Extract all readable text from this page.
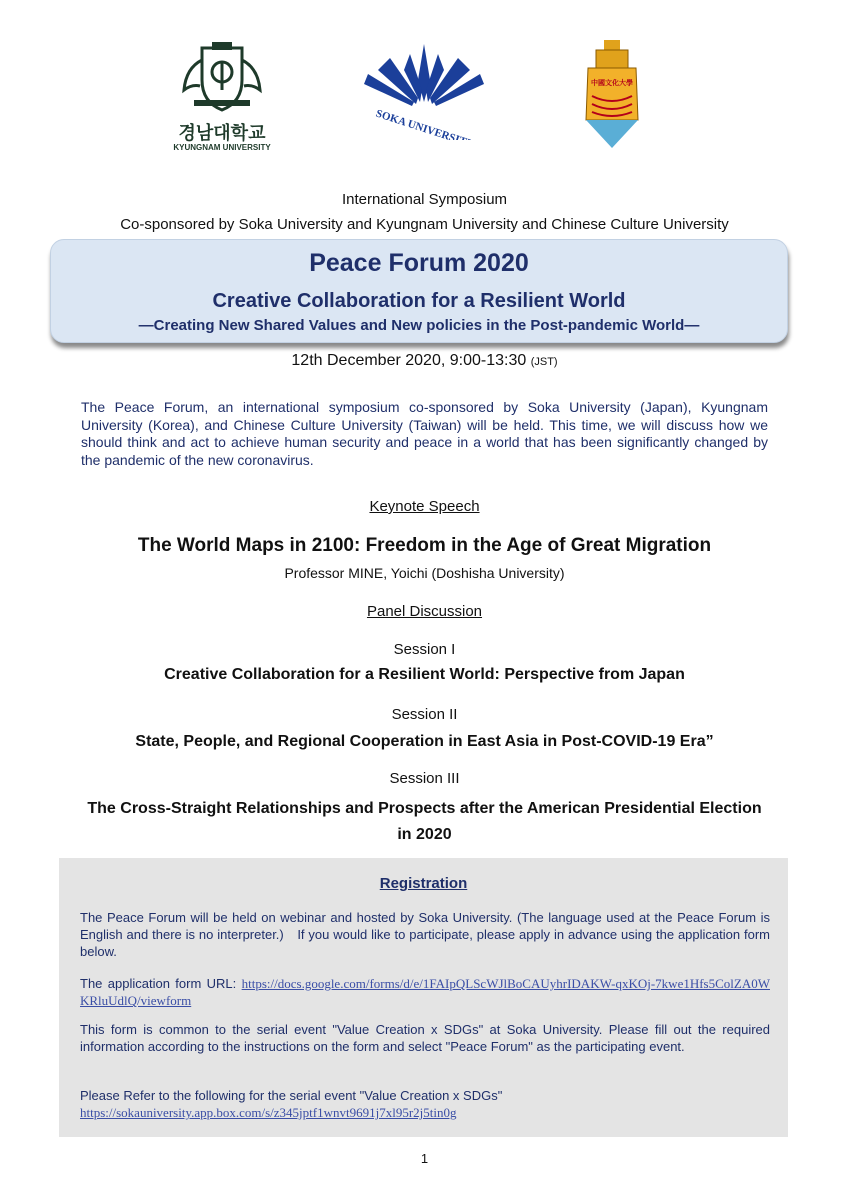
경남대학교
KYUNGNAM UNIVERSITY	SOKA UNIVERSITY
中國文化大學
International Symposium
Co-sponsored by Soka University and Kyungnam University and Chinese Culture University
Peace Forum 2020
Creative Collaboration for a Resilient World
—Creating New Shared Values and New policies in the Post-pandemic World—
12th December 2020, 9:00-13:30 (JST)
The Peace Forum, an international symposium co-sponsored by Soka University (Japan), Kyungnam University (Korea), and Chinese Culture University (Taiwan) will be held. This time, we will discuss how we should think and act to achieve human security and peace in a world that has been significantly changed by the pandemic of the new coronavirus.
Keynote Speech
The World Maps in 2100: Freedom in the Age of Great Migration
Professor MINE, Yoichi (Doshisha University)
Panel Discussion
Session I
Creative Collaboration for a Resilient World: Perspective from Japan
Session II
State, People, and Regional Cooperation in East Asia in Post-COVID-19 Era”
Session III
The Cross-Straight Relationships and Prospects after the American Presidential Election in 2020
Registration

The Peace Forum will be held on webinar and hosted by Soka University. (The language used at the Peace Forum is English and there is no interpreter.)　If you would like to participate, please apply in advance using the application form below.

The application form URL: https://docs.google.com/forms/d/e/1FAIpQLScWJlBoCAUyhrIDAKW-qxKOj-7kwe1Hfs5ColZA0WKRluUdlQ/viewform

This form is common to the serial event "Value Creation x SDGs" at Soka University. Please fill out the required information according to the instructions on the form and select "Peace Forum" as the participating event.

Please Refer to the following for the serial event "Value Creation x SDGs"
https://sokauniversity.app.box.com/s/z345jptf1wnvt9691j7xl95r2j5tin0g

1
